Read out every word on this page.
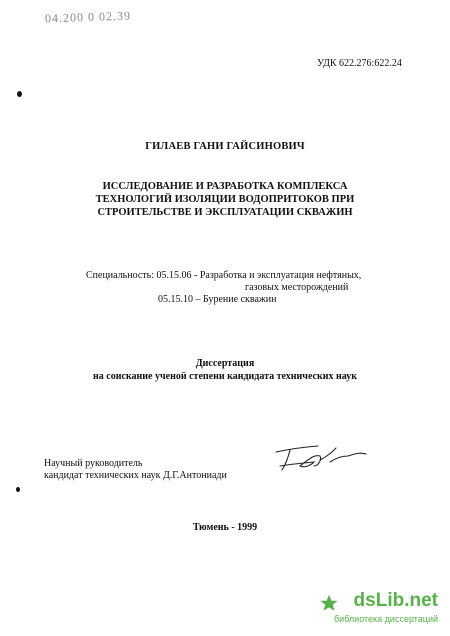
04.200 0 02.39
УДК 622.276:622.24
ГИЛАЕВ ГАНИ ГАЙСИНОВИЧ
ИССЛЕДОВАНИЕ И РАЗРАБОТКА КОМПЛЕКСА
ТЕХНОЛОГИЙ ИЗОЛЯЦИИ ВОДОПРИТОКОВ ПРИ
СТРОИТЕЛЬСТВЕ И ЭКСПЛУАТАЦИИ СКВАЖИН
Специальность: 05.15.06 - Разработка и эксплуатация нефтяных,
газовых месторождений
05.15.10 – Бурение скважин
Диссертация
на соискание ученой степени кандидата технических наук
Научный руководитель
кандидат технических наук Д.Г.Антониади
Тюмень - 1999
dsLib.net
библиотека диссертаций
